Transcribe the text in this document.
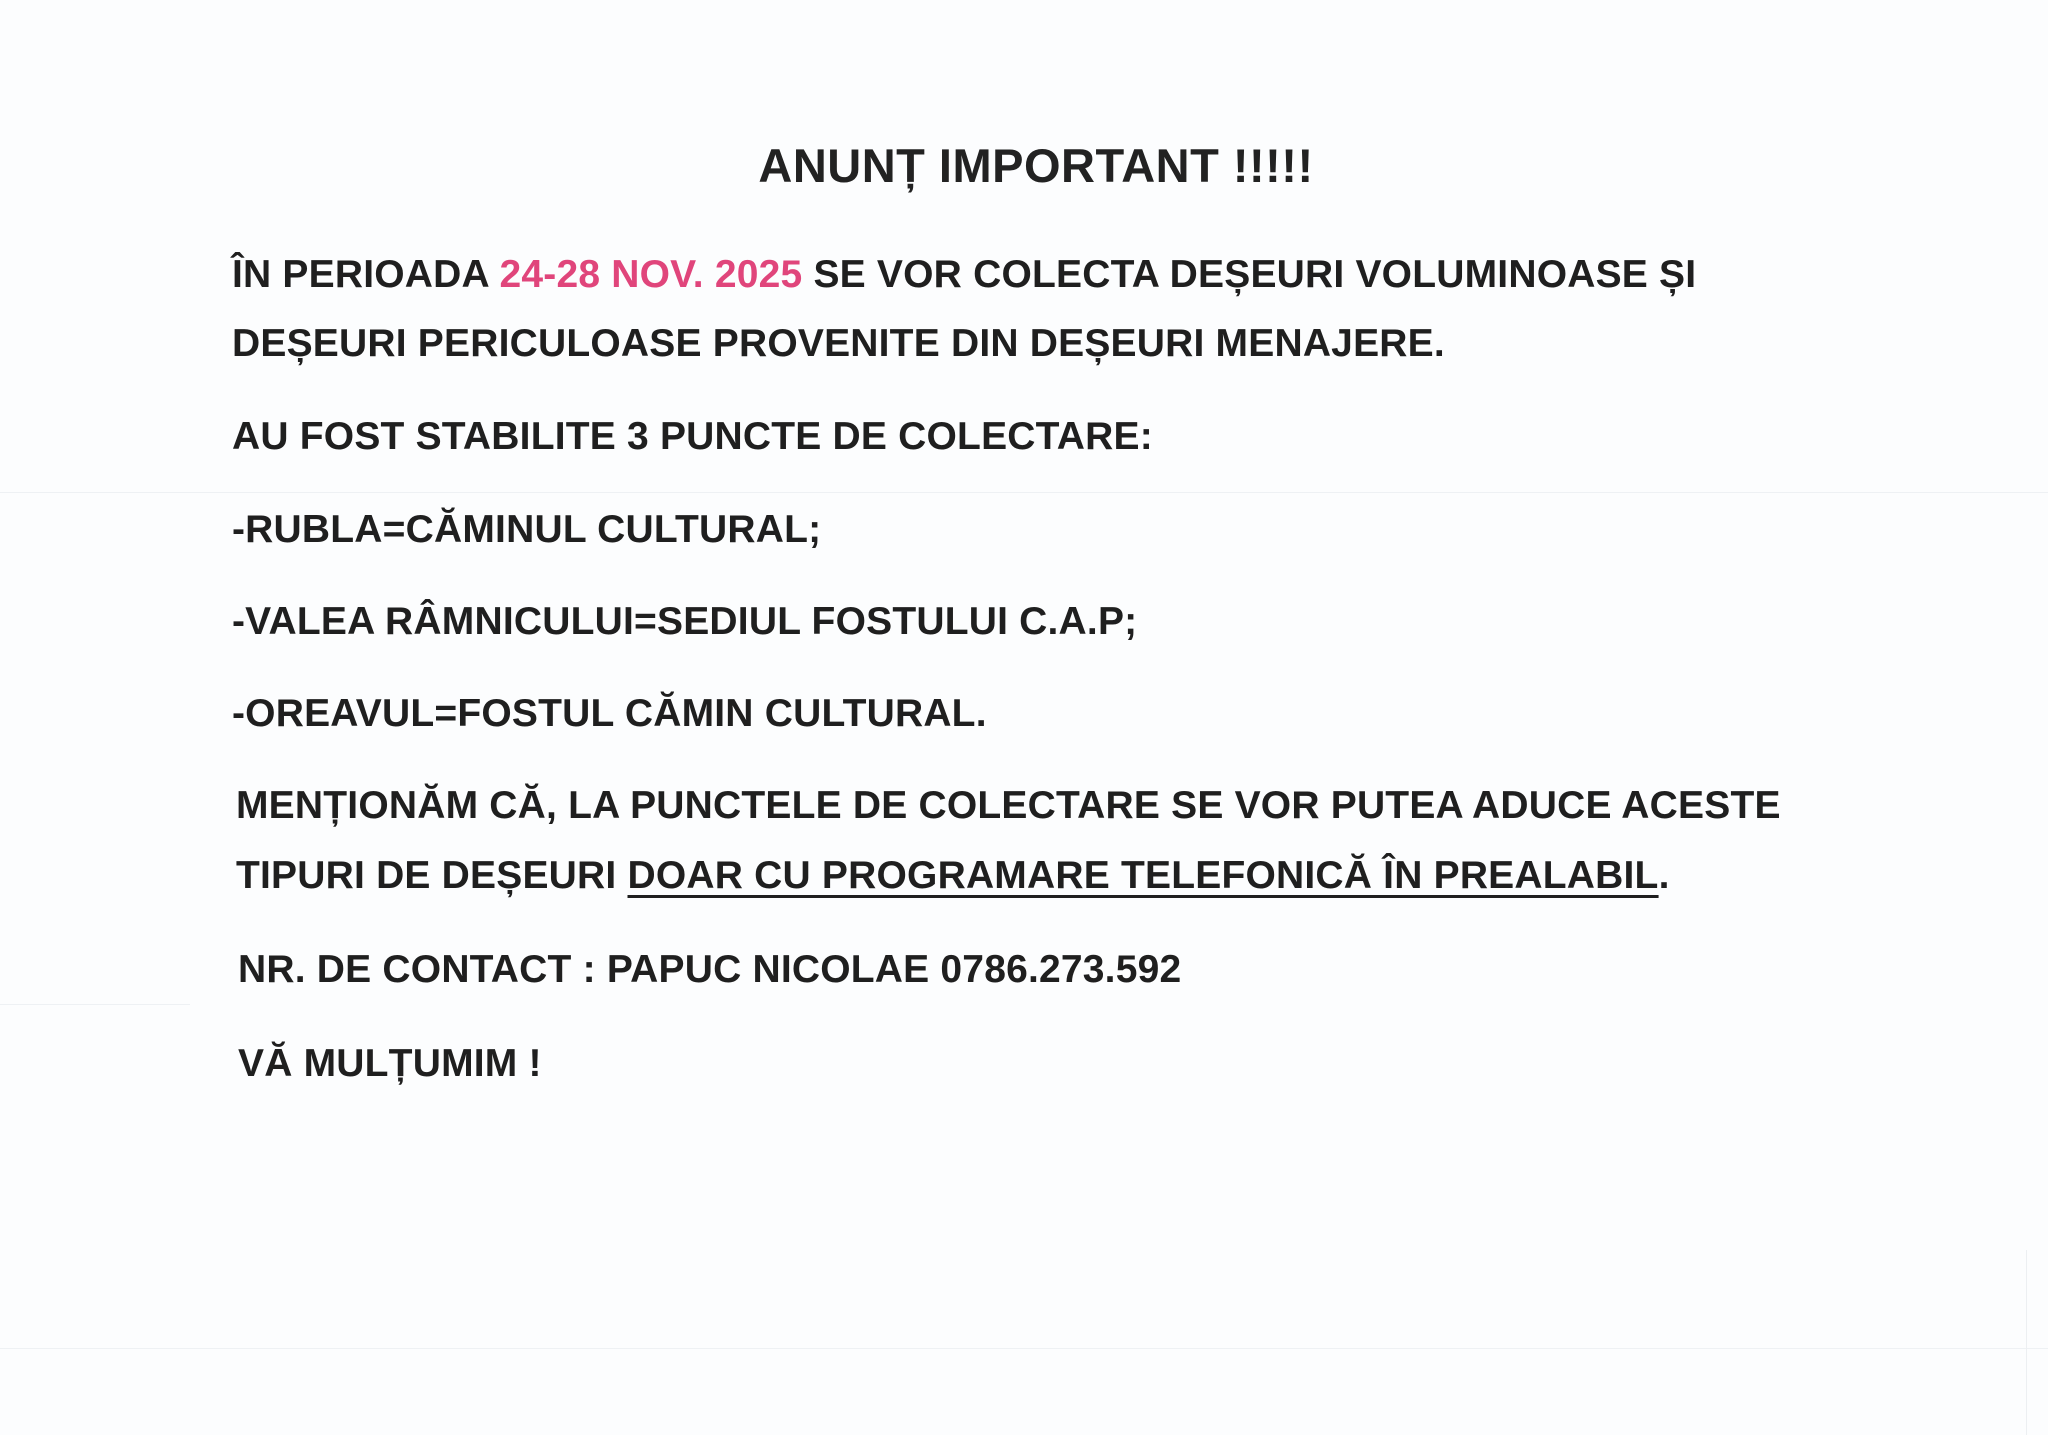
ANUNȚ IMPORTANT !!!!!
ÎN PERIOADA 24-28 NOV. 2025 SE VOR COLECTA DEȘEURI VOLUMINOASE ȘI
DEȘEURI PERICULOASE PROVENITE DIN DEȘEURI MENAJERE.
AU FOST STABILITE 3 PUNCTE DE COLECTARE:
-RUBLA=CĂMINUL CULTURAL;
-VALEA RÂMNICULUI=SEDIUL FOSTULUI C.A.P;
-OREAVUL=FOSTUL CĂMIN CULTURAL.
MENȚIONĂM CĂ, LA PUNCTELE DE COLECTARE SE VOR PUTEA ADUCE ACESTE
TIPURI DE DEȘEURI DOAR CU PROGRAMARE TELEFONICĂ ÎN PREALABIL.
NR. DE CONTACT : PAPUC NICOLAE 0786.273.592
VĂ MULȚUMIM !
